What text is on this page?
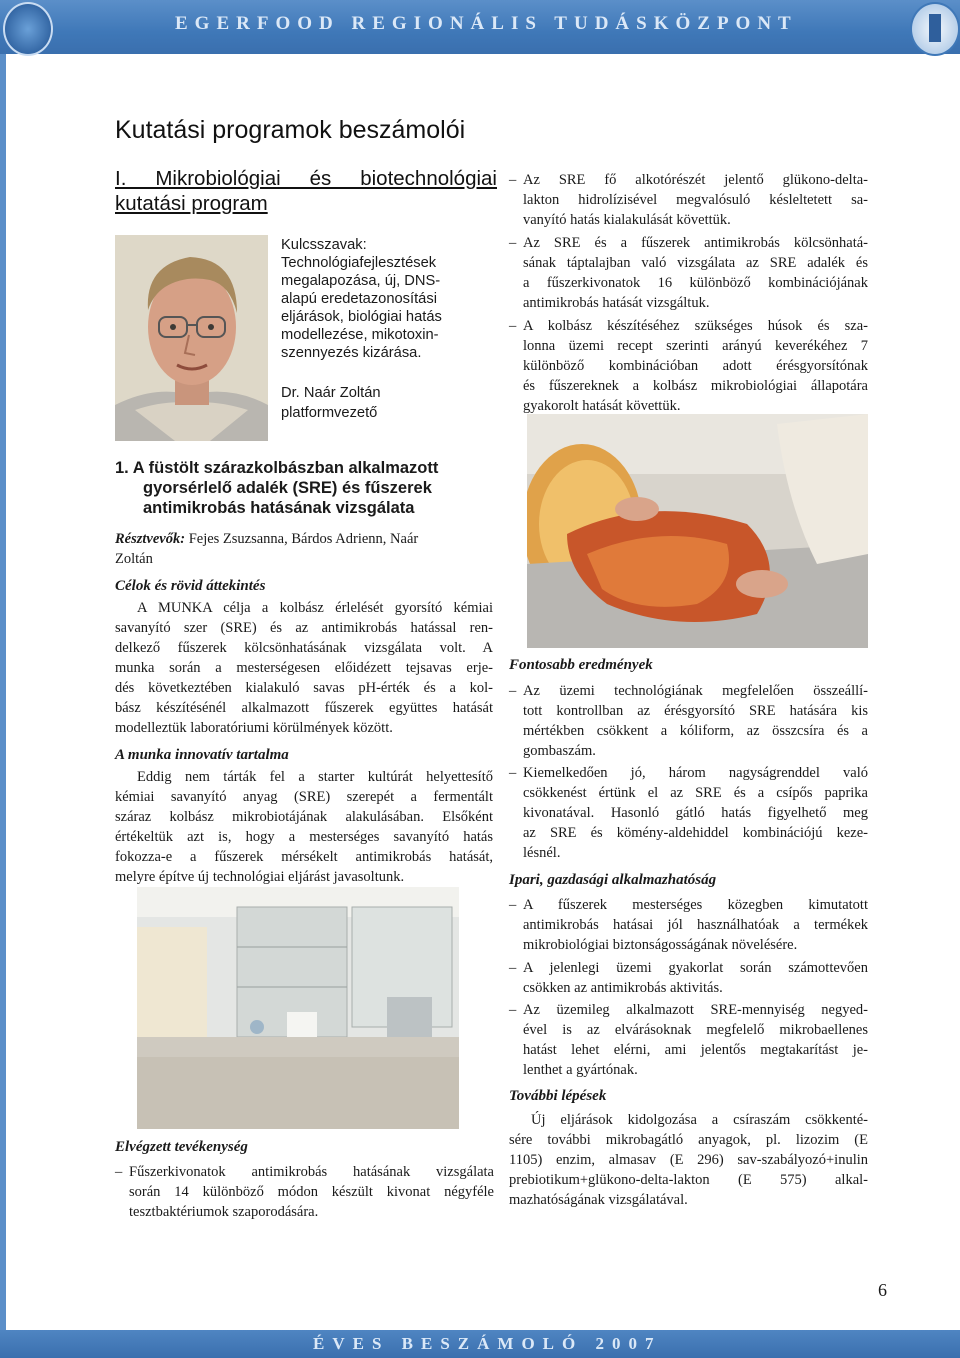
EGERFOOD REGIONÁLIS TUDÁSKÖZPONT
Kutatási programok beszámolói
I. Mikrobiológiai és biotechnológiai
kutatási program
Kulcsszavak:
Technológiafejlesztések
megalapozása, új, DNS-
alapú eredetazonosítási
eljárások, biológiai hatás
modellezése, mikotoxin-
szennyezés kizárása.
Dr. Naár Zoltán
platformvezető
– Az SRE fő alkotórészét jelentő glükono-delta-
lakton hidrolízisével megvalósuló késleltetett sa-
vanyító hatás kialakulását követtük.
– Az SRE és a fűszerek antimikrobás kölcsönhatá-
sának táptalajban való vizsgálata az SRE adalék és
a fűszerkivonatok 16 különböző kombinációjának
antimikrobás hatását vizsgáltuk.
– A kolbász készítéséhez szükséges húsok és sza-
lonna üzemi recept szerinti arányú keverékéhez 7
különböző kombinációban adott érésgyorsítónak
és fűszereknek a kolbász mikrobiológiai állapotára
gyakorolt hatását követtük.
1. A füstölt szárazkolbászban alkalmazott
gyorsérlelő adalék (SRE) és fűszerek
antimikrobás hatásának vizsgálata
Résztvevők: Fejes Zsuzsanna, Bárdos Adrienn, Naár
Zoltán
Célok és rövid áttekintés
A MUNKA célja a kolbász érlelését gyorsító kémiai
savanyító szer (SRE) és az antimikrobás hatással ren-
delkező fűszerek kölcsönhatásának vizsgálata volt. A
munka során a mesterségesen előidézett tejsavas erje-
dés következtében kialakuló savas pH-érték és a kol-
bász készítésénél alkalmazott fűszerek együttes hatását
modelleztük laboratóriumi körülmények között.
A munka innovatív tartalma
Eddig nem tárták fel a starter kultúrát helyettesítő
kémiai savanyító anyag (SRE) szerepét a fermentált
száraz kolbász mikrobiotájának alakulásában. Elsőként
értékeltük azt is, hogy a mesterséges savanyító hatás
fokozza-e a fűszerek mérsékelt antimikrobás hatását,
melyre építve új technológiai eljárást javasoltunk.
Elvégzett tevékenység
– Fűszerkivonatok antimikrobás hatásának vizsgálata
során 14 különböző módon készült kivonat négyféle
tesztbaktériumok szaporodására.
Fontosabb eredmények
– Az üzemi technológiának megfelelően összeállí-
tott kontrollban az érésgyorsító SRE hatására kis
mértékben csökkent a kóliform, az összcsíra és a
gombaszám.
– Kiemelkedően jó, három nagyságrenddel való
csökkenést értünk el az SRE és a csípős paprika
kivonatával. Hasonló gátló hatás figyelhető meg
az SRE és kömény-aldehiddel kombinációjú keze-
lésnél.
Ipari, gazdasági alkalmazhatóság
– A fűszerek mesterséges közegben kimutatott
antimikrobás hatásai jól használhatóak a termékek
mikrobiológiai biztonságosságának növelésére.
– A jelenlegi üzemi gyakorlat során számottevően
csökken az antimikrobás aktivitás.
– Az üzemileg alkalmazott SRE-mennyiség negyed-
ével is az elvárásoknak megfelelő mikrobaellenes
hatást lehet elérni, ami jelentős megtakarítást je-
lenthet a gyártónak.
További lépések
Új eljárások kidolgozása a csíraszám csökkenté-
sére további mikrobagátló anyagok, pl. lizozim (E
1105) enzim, almasav (E 296) sav-szabályozó+inulin
prebiotikum+glükono-delta-lakton (E 575) alkal-
mazhatóságának vizsgálatával.
6
ÉVES BESZÁMOLÓ 2007
